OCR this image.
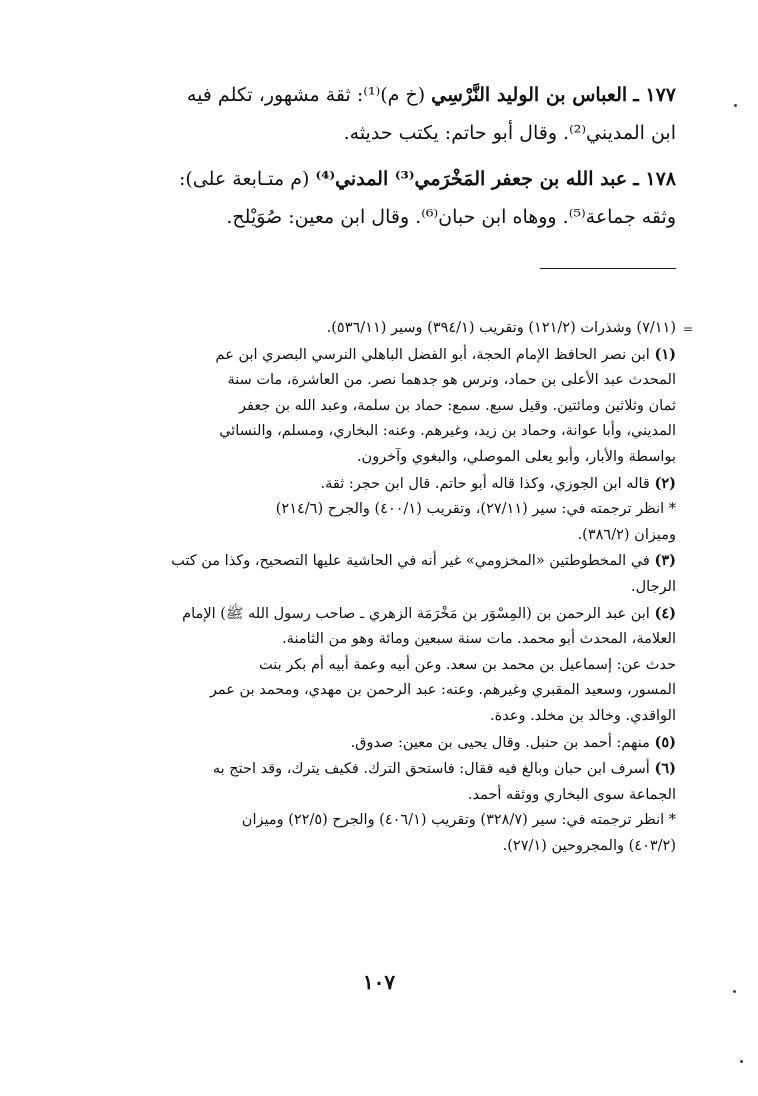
١٧٧ ـ العباس بن الوليد النَّرْسِي (خ م)⁽¹⁾: ثقة مشهور، تكلم فيه

ابن المديني⁽²⁾. وقال أبو حاتم: يكتب حديثه.

١٧٨ ـ عبد الله بن جعفر المَخْرَمي⁽³⁾ المدني⁽⁴⁾ (م متـابعة على):

وثقه جماعة⁽⁵⁾. ووهاه ابن حبان⁽⁶⁾. وقال ابن معين: صُوَيْلح.

=

(٧/١١) وشذرات (١٢١/٢) وتقريب (٣٩٤/١) وسير (٥٣٦/١١).

(١) ابن نصر الحافظ الإمام الحجة، أبو الفضل الباهلي النرسي البصري ابن عم

المحدث عبد الأعلى بن حماد، ونرس هو جدهما نصر. من العاشرة، مات سنة

ثمان وثلاثين ومائتين. وقيل سبع. سمع: حماد بن سلمة، وعبد الله بن جعفر

المديني، وأبا عوانة، وحماد بن زيد، وغيرهم. وعنه: البخاري، ومسلم، والنسائي

بواسطة والأبار، وأبو يعلى الموصلي، والبغوي وآخرون.

(٢) قاله ابن الجوزي، وكذا قاله أبو حاتم. قال ابن حجر: ثقة.

* انظر ترجمته في: سير (٢٧/١١)، وتقريب (٤٠٠/١) والجرح (٢١٤/٦)

وميزان (٣٨٦/٢).

(٣) في المخطوطتين «المخزومي» غير أنه في الحاشية عليها التصحيح، وكذا من كتب

الرجال.

(٤) ابن عبد الرحمن بن (المِسْوَر بن مَخْرَمَة الزهري ـ صاحب رسول الله ﷺ) الإمام

العلامة، المحدث أبو محمد. مات سنة سبعين ومائة وهو من الثامنة.

حدث عن: إسماعيل بن محمد بن سعد. وعن أبيه وعمة أبيه أم بكر بنت

المسور، وسعيد المقبري وغيرهم. وعنه: عبد الرحمن بن مهدي، ومحمد بن عمر

الواقدي. وخالد بن مخلد. وعدة.

(٥) منهم: أحمد بن حنبل. وقال يحيى بن معين: صدوق.

(٦) أسرف ابن حبان وبالغ فيه فقال: فاستحق الترك. فكيف يترك، وقد احتج به

الجماعة سوى البخاري ووثقه أحمد.

* انظر ترجمته في: سير (٣٢٨/٧) وتقريب (٤٠٦/١) والجرح (٢٢/٥) وميزان

(٤٠٣/٢) والمجروحين (٢٧/١).

١٠٧
